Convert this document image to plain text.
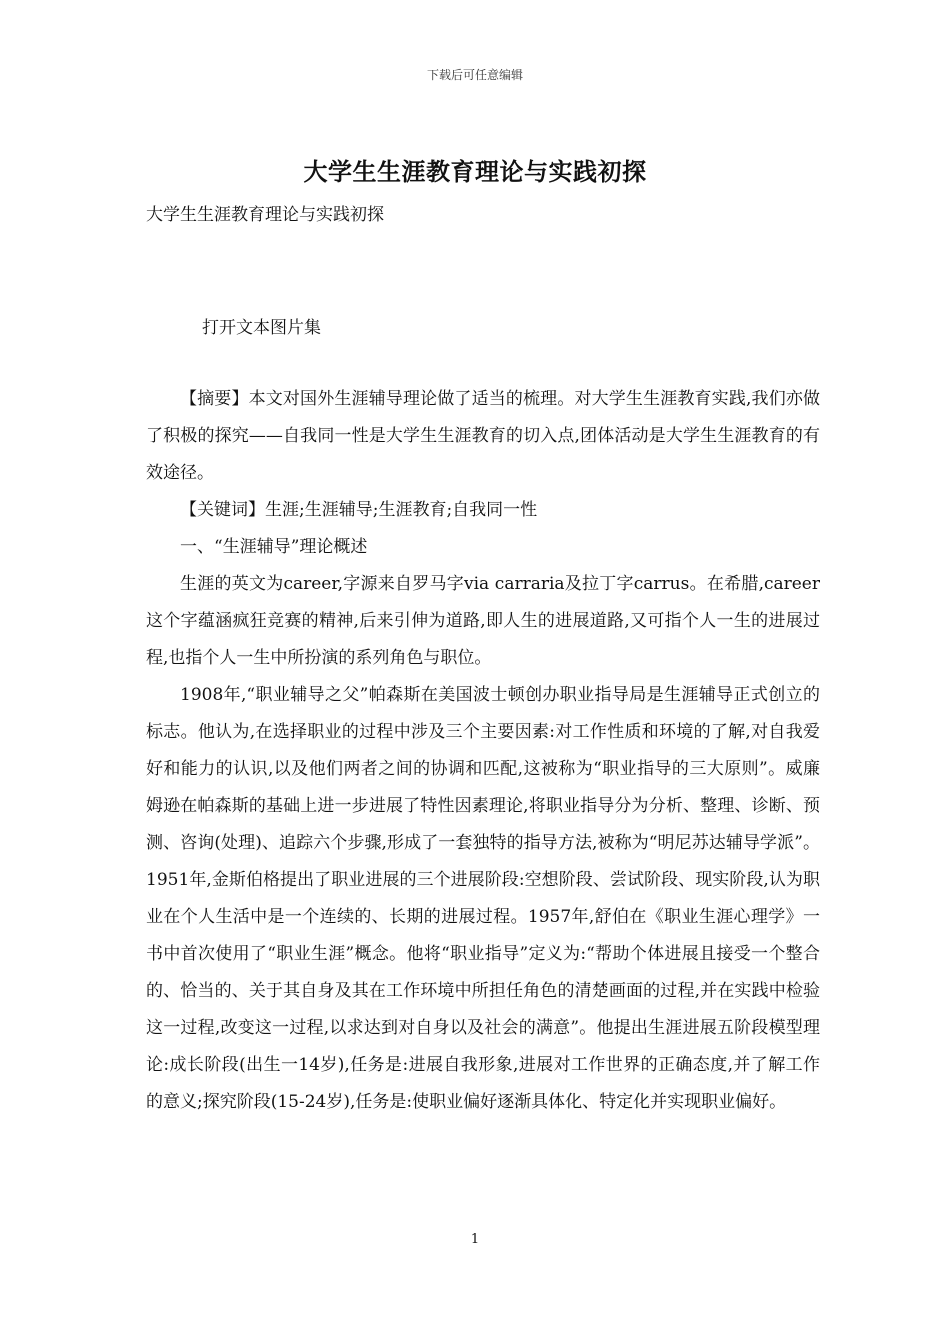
下载后可任意编辑
大学生生涯教育理论与实践初探
大学生生涯教育理论与实践初探
打开文本图片集

【摘要】本文对国外生涯辅导理论做了适当的梳理。对大学生生涯教育实践,我们亦做了积极的探究——自我同一性是大学生生涯教育的切入点,团体活动是大学生生涯教育的有效途径。

【关键词】生涯;生涯辅导;生涯教育;自我同一性

一、“生涯辅导”理论概述

生涯的英文为career,字源来自罗马字via carraria及拉丁字carrus。在希腊,career这个字蕴涵疯狂竞赛的精神,后来引伸为道路,即人生的进展道路,又可指个人一生的进展过程,也指个人一生中所扮演的系列角色与职位。

1908年,“职业辅导之父”帕森斯在美国波士顿创办职业指导局是生涯辅导正式创立的标志。他认为,在选择职业的过程中涉及三个主要因素:对工作性质和环境的了解,对自我爱好和能力的认识,以及他们两者之间的协调和匹配,这被称为“职业指导的三大原则”。威廉姆逊在帕森斯的基础上进一步进展了特性因素理论,将职业指导分为分析、整理、诊断、预测、咨询(处理)、追踪六个步骤,形成了一套独特的指导方法,被称为“明尼苏达辅导学派”。1951年,金斯伯格提出了职业进展的三个进展阶段:空想阶段、尝试阶段、现实阶段,认为职业在个人生活中是一个连续的、长期的进展过程。1957年,舒伯在《职业生涯心理学》一书中首次使用了“职业生涯”概念。他将“职业指导”定义为:“帮助个体进展且接受一个整合的、恰当的、关于其自身及其在工作环境中所担任角色的清楚画面的过程,并在实践中检验这一过程,改变这一过程,以求达到对自身以及社会的满意”。他提出生涯进展五阶段模型理论:成长阶段(出生一14岁),任务是:进展自我形象,进展对工作世界的正确态度,并了解工作的意义;探究阶段(15-24岁),任务是:使职业偏好逐渐具体化、特定化并实现职业偏好。

1
